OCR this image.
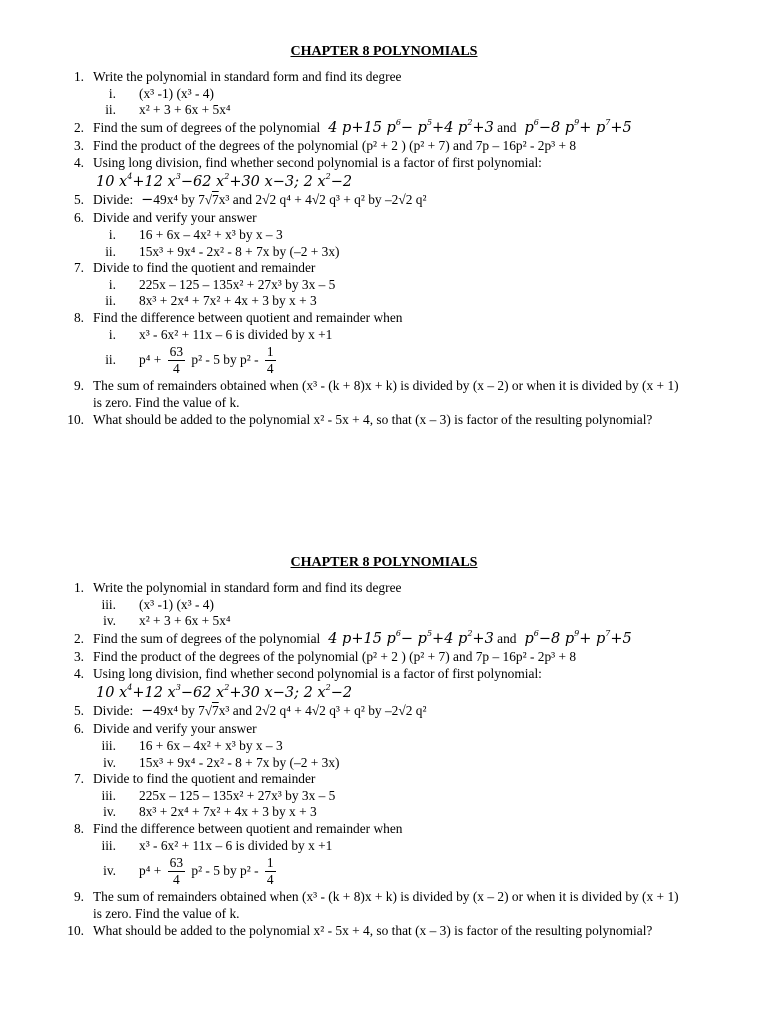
CHAPTER 8 POLYNOMIALS
1. Write the polynomial in standard form and find its degree
i. (x³ -1) (x³ - 4)
ii. x² + 3 + 6x + 5x⁴
2. Find the sum of degrees of the polynomial  4 p+15 $p^6- p^5+4$ $p^2+3$ and  $p^6-8$ $p^9+ p^7+5$
3. Find the product of the degrees of the polynomial (p² + 2 ) (p² + 7) and 7p – 16p² - 2p³ + 8
4. Using long division, find whether second polynomial is a factor of first polynomial:
10 $x^4+12$ $x^3-62$ $x^2+30$ x−3; 2 $x^2-2$
5. Divide:  −49x⁴ by 7√7x³ and 2√2 q⁴ + 4√2 q³ + q² by –2√2 q²
6. Divide and verify your answer
i. 16 + 6x – 4x² + x³ by x – 3
ii. 15x³ + 9x⁴ - 2x² - 8 + 7x by (–2 + 3x)
7. Divide to find the quotient and remainder
i. 225x – 125 – 135x² + 27x³ by 3x – 5
ii. 8x³ + 2x⁴ + 7x² + 4x + 3 by x + 3
8. Find the difference between quotient and remainder when
i. x³ - 6x² + 11x – 6 is divided by x +1
ii. $p^4 + \frac{63}{4} p^2 - 5$ by $p^2 - \frac{1}{4}$
9. The sum of remainders obtained when (x³ - (k + 8)x + k) is divided by (x – 2) or when it is divided by (x + 1)
is zero. Find the value of k.
10. What should be added to the polynomial x² - 5x + 4, so that (x – 3) is factor of the resulting polynomial?
CHAPTER 8 POLYNOMIALS
1. Write the polynomial in standard form and find its degree
iii. (x³ -1) (x³ - 4)
iv. x² + 3 + 6x + 5x⁴
2. Find the sum of degrees of the polynomial  4 p+15 $p^6- p^5+4$ $p^2+3$ and  $p^6-8$ $p^9+ p^7+5$
3. Find the product of the degrees of the polynomial (p² + 2 ) (p² + 7) and 7p – 16p² - 2p³ + 8
4. Using long division, find whether second polynomial is a factor of first polynomial:
10 $x^4+12$ $x^3-62$ $x^2+30$ x−3; 2 $x^2-2$
5. Divide:  −49x⁴ by 7√7x³ and 2√2 q⁴ + 4√2 q³ + q² by –2√2 q²
6. Divide and verify your answer
iii. 16 + 6x – 4x² + x³ by x – 3
iv. 15x³ + 9x⁴ - 2x² - 8 + 7x by (–2 + 3x)
7. Divide to find the quotient and remainder
iii. 225x – 125 – 135x² + 27x³ by 3x – 5
iv. 8x³ + 2x⁴ + 7x² + 4x + 3 by x + 3
8. Find the difference between quotient and remainder when
iii. x³ - 6x² + 11x – 6 is divided by x +1
iv. $p^4 + \frac{63}{4} p^2 - 5$ by $p^2 - \frac{1}{4}$
9. The sum of remainders obtained when (x³ - (k + 8)x + k) is divided by (x – 2) or when it is divided by (x + 1)
is zero. Find the value of k.
10. What should be added to the polynomial x² - 5x + 4, so that (x – 3) is factor of the resulting polynomial?
